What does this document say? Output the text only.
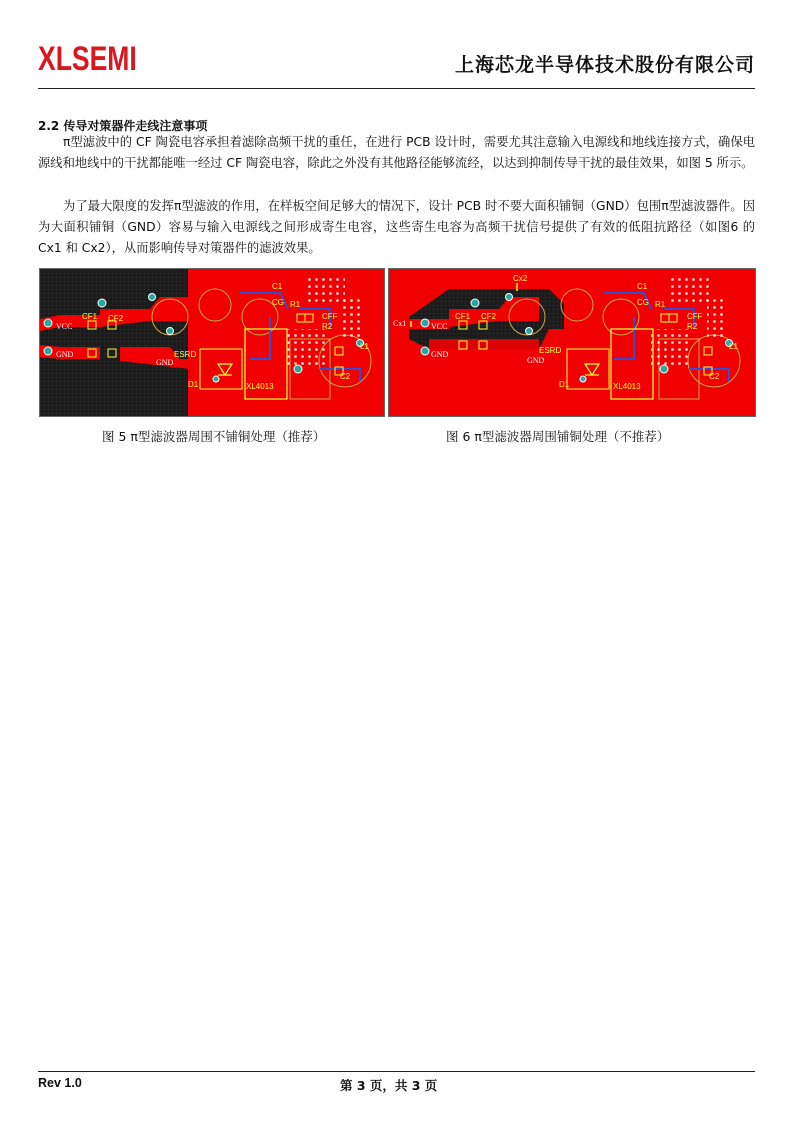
XLSEMI	上海芯龙半导体技术股份有限公司
2.2 传导对策器件走线注意事项

π型滤波中的 CF 陶瓷电容承担着滤除高频干扰的重任，在进行 PCB 设计时，需要尤其注意输入电源线和地线连接方式，确保电源线和地线中的干扰都能唯一经过 CF 陶瓷电容，除此之外没有其他路径能够流经，以达到抑制传导干扰的最佳效果，如图 5 所示。

为了最大限度的发挥π型滤波的作用，在样板空间足够大的情况下，设计 PCB 时不要大面积铺铜（GND）包围π型滤波器件。因为大面积铺铜（GND）容易与输入电源线之间形成寄生电容，这些寄生电容为高频干扰信号提供了有效的低阻抗路径（如图6 的 Cx1 和 Cx2），从而影响传导对策器件的滤波效果。

VCC
GND
CF1 CF2
C1
CG R1
CFF
R2
L1
C2
D1
ESRD
GND
XL4013
Cx1
Cx2
VCC
GND
CF1 CF2
C1
CG R1
CFF
R2
L1
C2
D1
ESRD
GND
XL4013
图 5 π型滤波器周围不铺铜处理（推荐）	图 6 π型滤波器周围铺铜处理（不推荐）
Rev 1.0	第 3 页，共 3 页
